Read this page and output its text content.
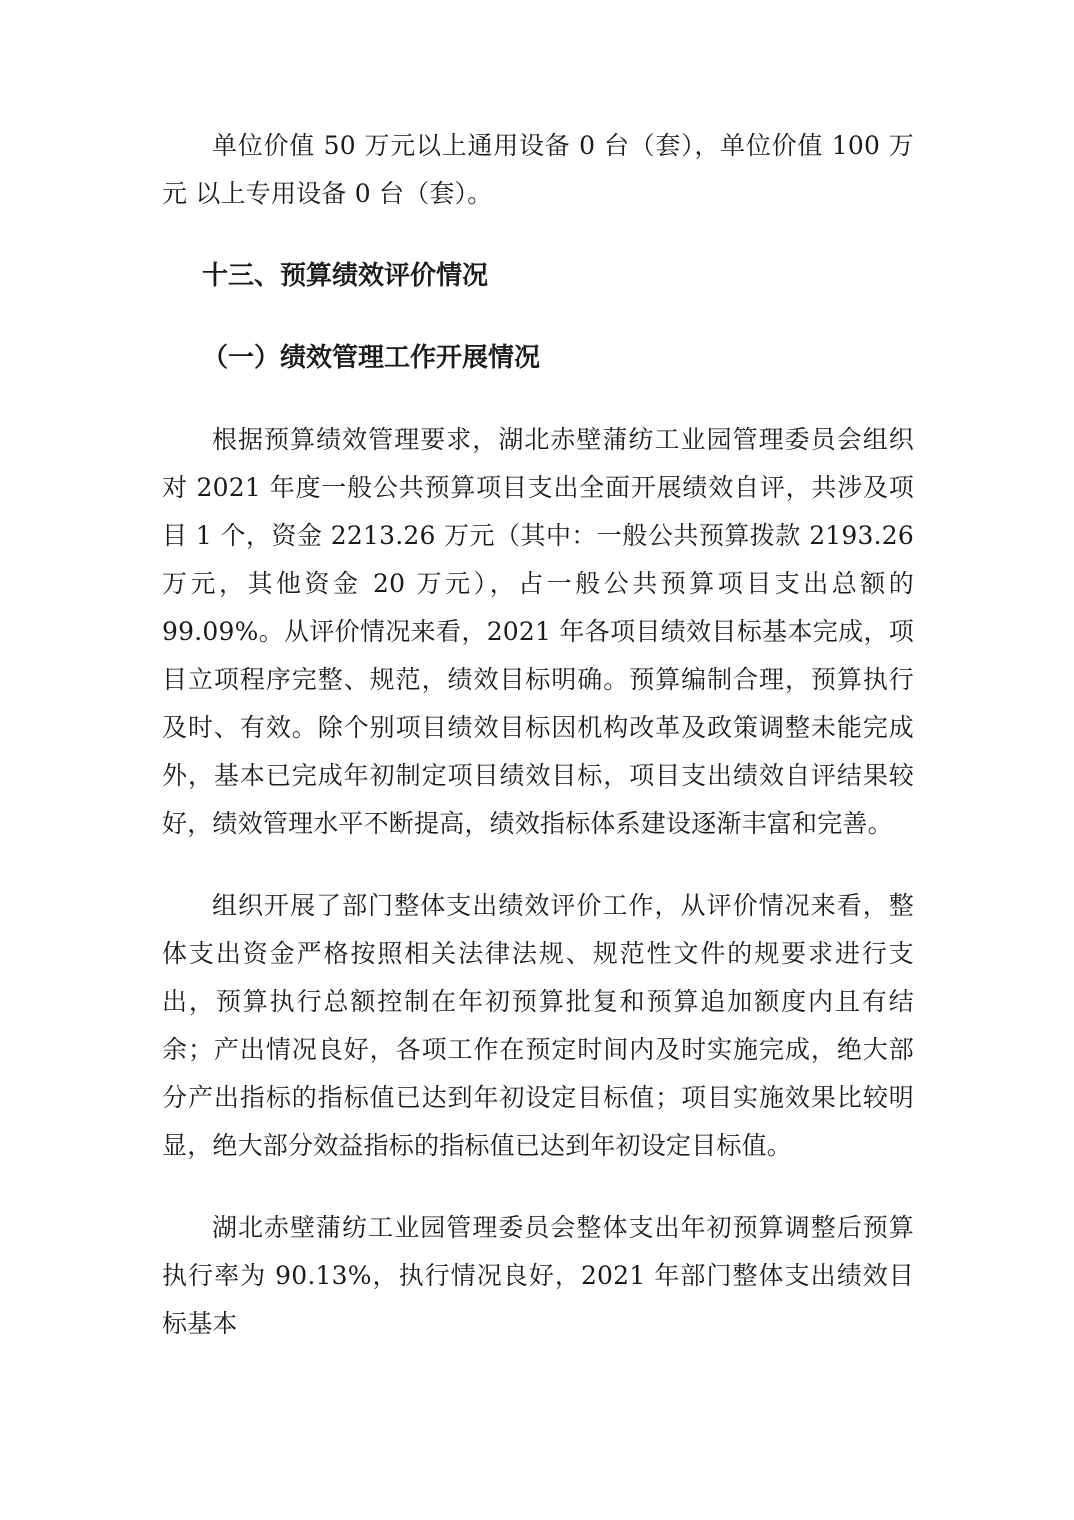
单位价值 50 万元以上通用设备 0 台（套），单位价值 100 万元 以上专用设备 0 台（套）。

十三、预算绩效评价情况
（一）绩效管理工作开展情况

根据预算绩效管理要求，湖北赤壁蒲纺工业园管理委员会组织对 2021 年度一般公共预算项目支出全面开展绩效自评，共涉及项目 1 个，资金 2213.26 万元（其中：一般公共预算拨款 2193.26 万元，其他资金 20 万元），占一般公共预算项目支出总额的 99.09%。从评价情况来看，2021 年各项目绩效目标基本完成，项目立项程序完整、规范，绩效目标明确。预算编制合理，预算执行及时、有效。除个别项目绩效目标因机构改革及政策调整未能完成外，基本已完成年初制定项目绩效目标，项目支出绩效自评结果较好，绩效管理水平不断提高，绩效指标体系建设逐渐丰富和完善。

组织开展了部门整体支出绩效评价工作，从评价情况来看，整体支出资金严格按照相关法律法规、规范性文件的规要求进行支出，预算执行总额控制在年初预算批复和预算追加额度内且有结余；产出情况良好，各项工作在预定时间内及时实施完成，绝大部分产出指标的指标值已达到年初设定目标值；项目实施效果比较明显，绝大部分效益指标的指标值已达到年初设定目标值。

湖北赤壁蒲纺工业园管理委员会整体支出年初预算调整后预算执行率为 90.13%，执行情况良好，2021 年部门整体支出绩效目标基本
